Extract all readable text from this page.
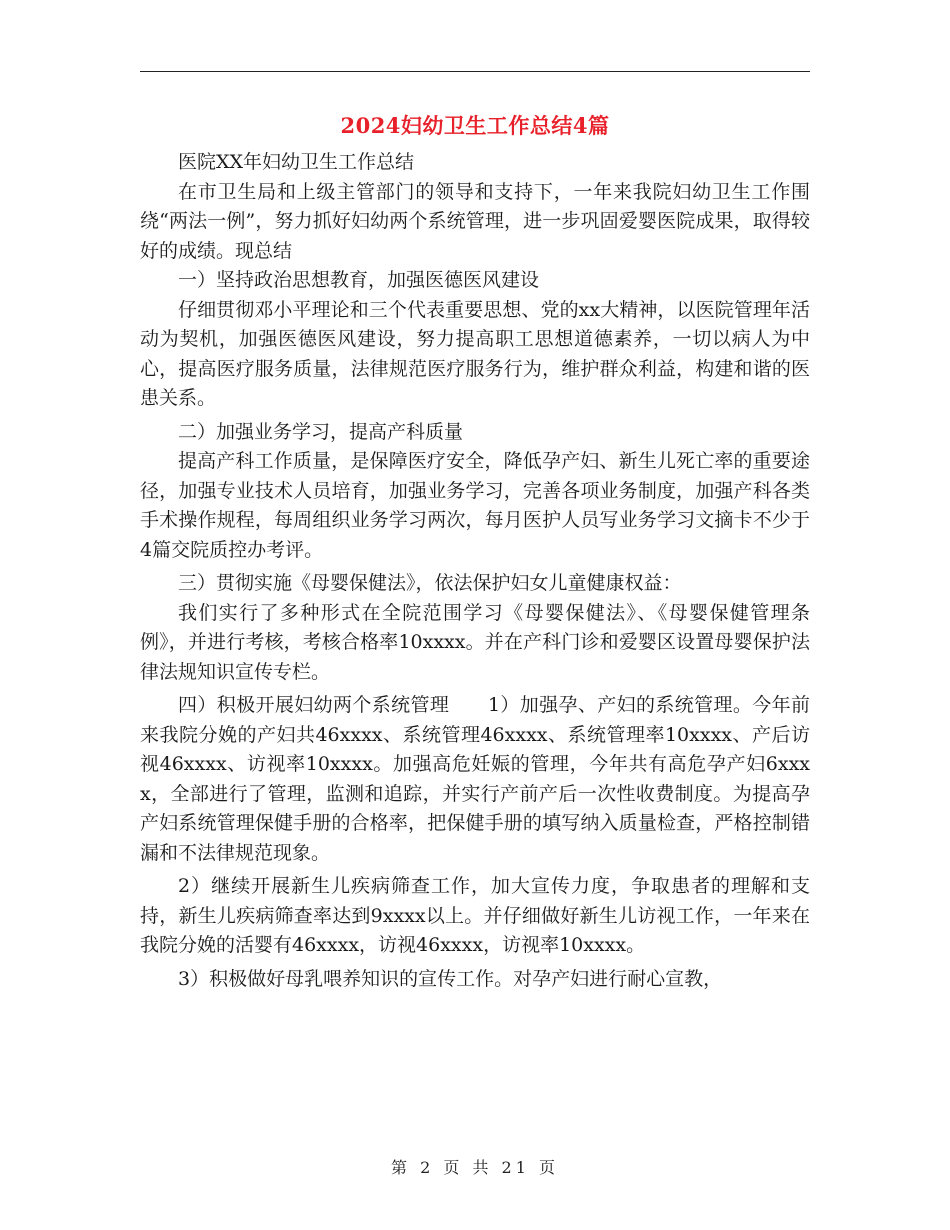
2024妇幼卫生工作总结4篇

医院XX年妇幼卫生工作总结

在市卫生局和上级主管部门的领导和支持下，一年来我院妇幼卫生工作围绕“两法一例”，努力抓好妇幼两个系统管理，进一步巩固爱婴医院成果，取得较好的成绩。现总结

一）坚持政治思想教育，加强医德医风建设

仔细贯彻邓小平理论和三个代表重要思想、党的xx大精神，以医院管理年活动为契机，加强医德医风建设，努力提高职工思想道德素养，一切以病人为中心，提高医疗服务质量，法律规范医疗服务行为，维护群众利益，构建和谐的医患关系。

二）加强业务学习，提高产科质量

提高产科工作质量，是保障医疗安全，降低孕产妇、新生儿死亡率的重要途径，加强专业技术人员培育，加强业务学习，完善各项业务制度，加强产科各类手术操作规程，每周组织业务学习两次，每月医护人员写业务学习文摘卡不少于4篇交院质控办考评。

三）贯彻实施《母婴保健法》，依法保护妇女儿童健康权益：

我们实行了多种形式在全院范围学习《母婴保健法》、《母婴保健管理条例》，并进行考核，考核合格率10xxxx。并在产科门诊和爱婴区设置母婴保护法律法规知识宣传专栏。

四）积极开展妇幼两个系统管理　　1）加强孕、产妇的系统管理。今年前来我院分娩的产妇共46xxxx、系统管理46xxxx、系统管理率10xxxx、产后访视46xxxx、访视率10xxxx。加强高危妊娠的管理，今年共有高危孕产妇6xxxx，全部进行了管理，监测和追踪，并实行产前产后一次性收费制度。为提高孕产妇系统管理保健手册的合格率，把保健手册的填写纳入质量检查，严格控制错漏和不法律规范现象。

2）继续开展新生儿疾病筛查工作，加大宣传力度，争取患者的理解和支持，新生儿疾病筛查率达到9xxxx以上。并仔细做好新生儿访视工作，一年来在我院分娩的活婴有46xxxx，访视46xxxx，访视率10xxxx。

3）积极做好母乳喂养知识的宣传工作。对孕产妇进行耐心宣教，

第 2 页 共 21 页
